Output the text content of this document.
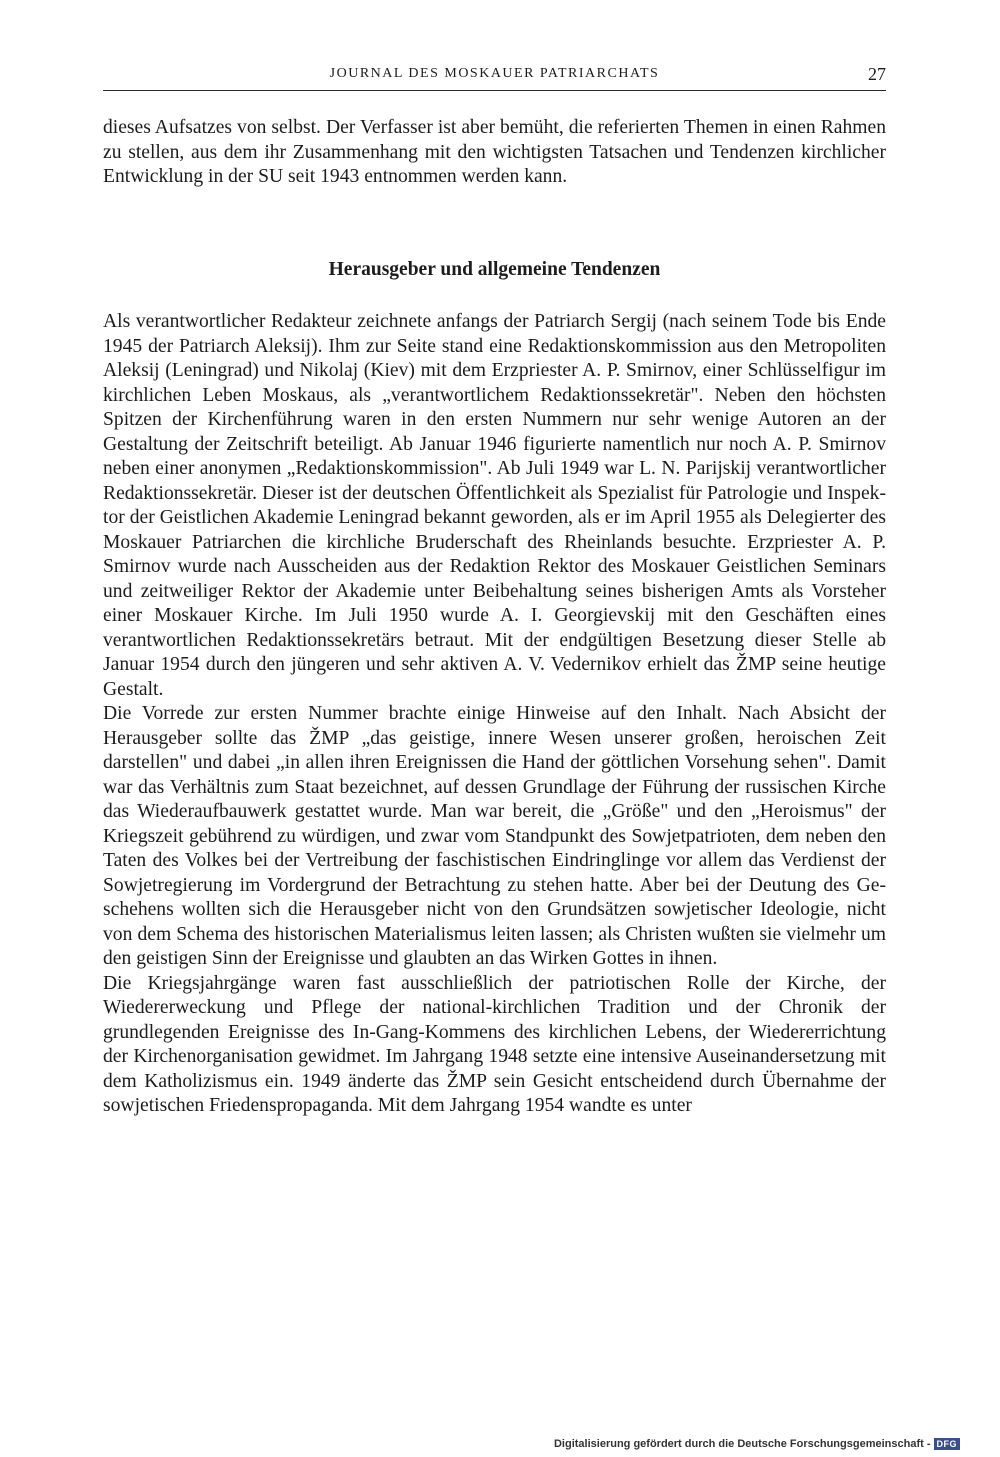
JOURNAL DES MOSKAUER PATRIARCHATS	27

dieses Aufsatzes von selbst. Der Verfasser ist aber bemüht, die referierten Themen in einen Rahmen zu stellen, aus dem ihr Zusammenhang mit den wichtigsten Tatsachen und Tendenzen kirchlicher Entwicklung in der SU seit 1943 entnommen werden kann.

Herausgeber und allgemeine Tendenzen

Als verantwortlicher Redakteur zeichnete anfangs der Patriarch Sergij (nach seinem Tode bis Ende 1945 der Patriarch Aleksij). Ihm zur Seite stand eine Redaktionskommission aus den Metropoliten Aleksij (Leningrad) und Nikolaj (Kiev) mit dem Erzpriester A. P. Smirnov, einer Schlüsselfigur im kirchlichen Leben Moskaus, als „verantwortlichem Redaktionssekretär". Neben den höchsten Spitzen der Kirchenführung waren in den ersten Nummern nur sehr wenige Autoren an der Gestaltung der Zeitschrift beteiligt. Ab Januar 1946 figurierte namentlich nur noch A. P. Smirnov neben einer anonymen „Redaktionskommission". Ab Juli 1949 war L. N. Parijskij verantwortlicher Redaktionssekretär. Dieser ist der deutschen Öffentlichkeit als Spezialist für Patrologie und Inspektor der Geistlichen Akademie Leningrad bekannt geworden, als er im April 1955 als Delegierter des Moskauer Patriarchen die kirchliche Bruderschaft des Rheinlands besuchte. Erzpriester A. P. Smirnov wurde nach Ausscheiden aus der Redaktion Rektor des Moskauer Geistlichen Seminars und zeitweiliger Rektor der Akademie unter Beibehaltung seines bisherigen Amts als Vorsteher einer Moskauer Kirche. Im Juli 1950 wurde A. I. Georgievskij mit den Geschäften eines verantwortlichen Redaktionssekretärs betraut. Mit der endgültigen Besetzung dieser Stelle ab Januar 1954 durch den jüngeren und sehr aktiven A. V. Vedernikov erhielt das ŽMP seine heutige Gestalt.

Die Vorrede zur ersten Nummer brachte einige Hinweise auf den Inhalt. Nach Absicht der Herausgeber sollte das ŽMP „das geistige, innere Wesen unserer großen, heroischen Zeit darstellen" und dabei „in allen ihren Ereignissen die Hand der göttlichen Vorsehung sehen". Damit war das Verhältnis zum Staat bezeichnet, auf dessen Grundlage der Führung der russischen Kirche das Wiederaufbauwerk gestattet wurde. Man war bereit, die „Größe" und den „Heroismus" der Kriegszeit gebührend zu würdigen, und zwar vom Standpunkt des Sowjetpatrioten, dem neben den Taten des Volkes bei der Vertreibung der faschistischen Eindringlinge vor allem das Verdienst der Sowjetregierung im Vordergrund der Betrachtung zu stehen hatte. Aber bei der Deutung des Geschehens wollten sich die Herausgeber nicht von den Grundsätzen sowjetischer Ideologie, nicht von dem Schema des historischen Materialismus leiten lassen; als Christen wußten sie vielmehr um den geistigen Sinn der Ereignisse und glaubten an das Wirken Gottes in ihnen.

Die Kriegsjahrgänge waren fast ausschließlich der patriotischen Rolle der Kirche, der Wiedererweckung und Pflege der national-kirchlichen Tradition und der Chronik der grundlegenden Ereignisse des In-Gang-Kommens des kirchlichen Lebens, der Wiedererrichtung der Kirchenorganisation gewidmet. Im Jahrgang 1948 setzte eine intensive Auseinandersetzung mit dem Katholizismus ein. 1949 änderte das ŽMP sein Gesicht entscheidend durch Übernahme der sowjetischen Friedenspropaganda. Mit dem Jahrgang 1954 wandte es unter

Digitalisierung gefördert durch die Deutsche Forschungsgemeinschaft - DFG
